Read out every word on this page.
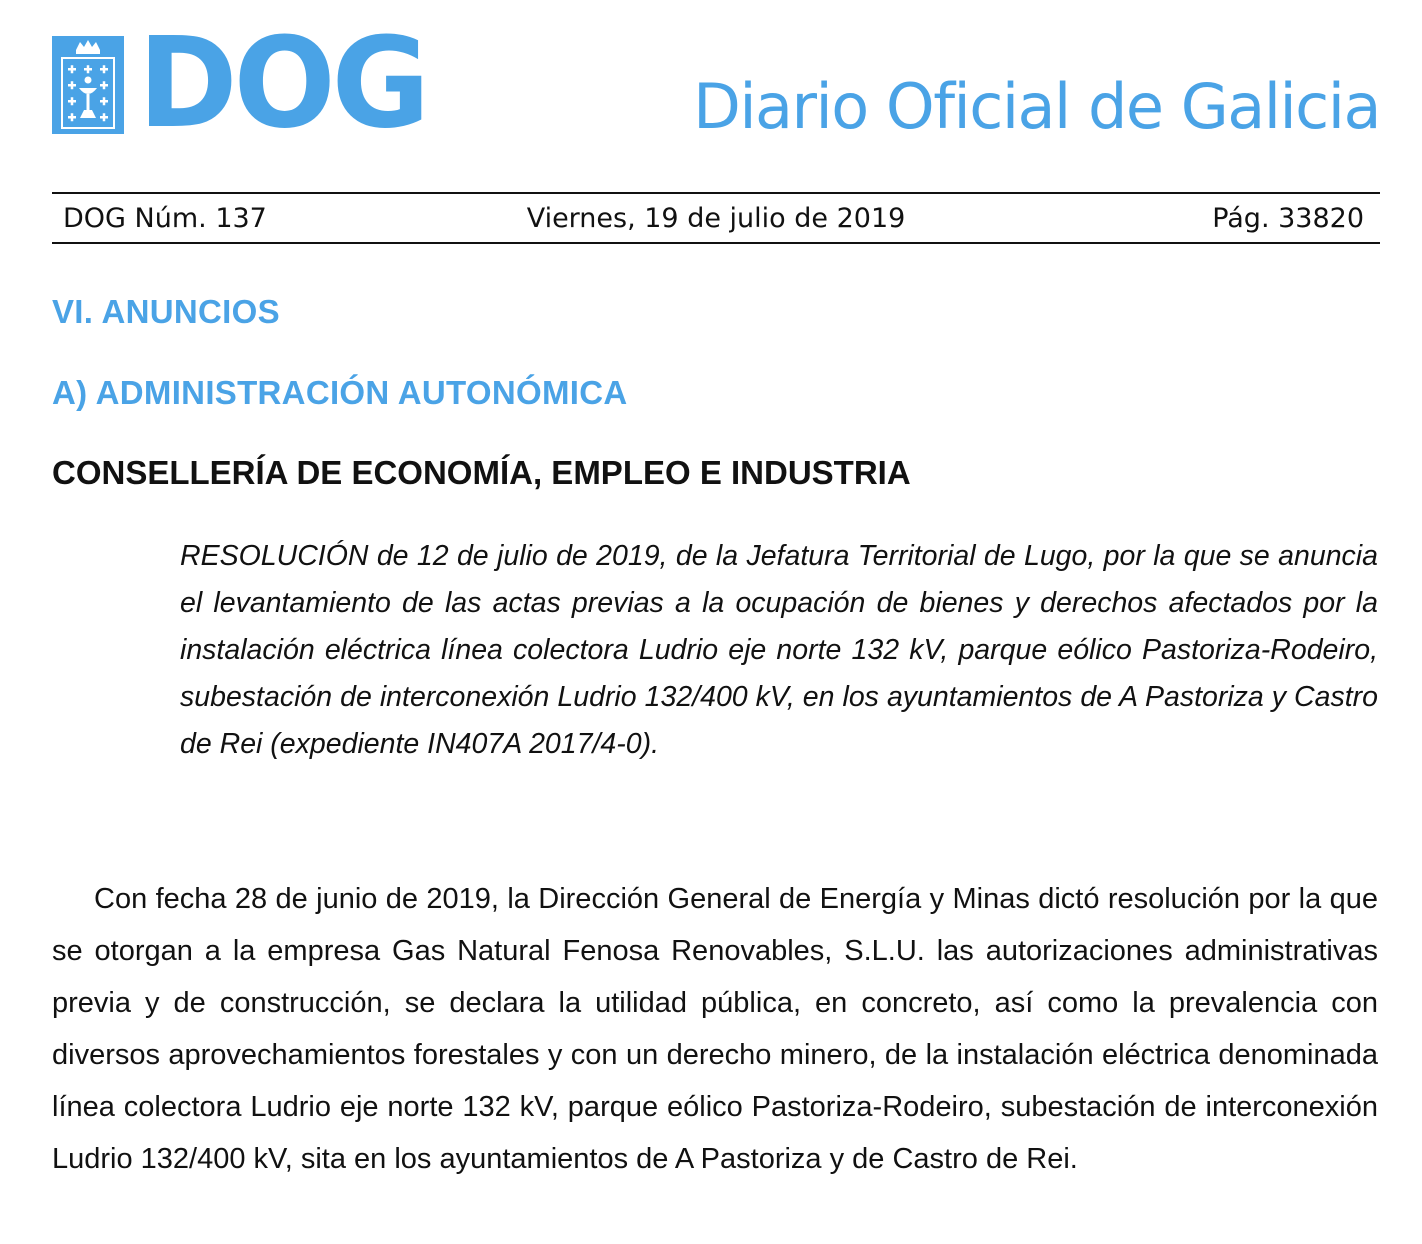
DOG	Diario Oficial de Galicia
DOG Núm. 137	Viernes, 19 de julio de 2019	Pág. 33820
VI. ANUNCIOS
A) ADMINISTRACIÓN AUTONÓMICA
CONSELLERÍA DE ECONOMÍA, EMPLEO E INDUSTRIA

RESOLUCIÓN de 12 de julio de 2019, de la Jefatura Territorial de Lugo, por la que se anuncia el levantamiento de las actas previas a la ocupación de bienes y derechos afectados por la instalación eléctrica línea colectora Ludrio eje norte 132 kV, parque eólico Pastoriza-Rodeiro, subestación de interconexión Ludrio 132/400 kV, en los ayuntamientos de A Pastoriza y Castro de Rei (expediente IN407A 2017/4-0).

Con fecha 28 de junio de 2019, la Dirección General de Energía y Minas dictó resolución por la que se otorgan a la empresa Gas Natural Fenosa Renovables, S.L.U. las autorizaciones administrativas previa y de construcción, se declara la utilidad pública, en concreto, así como la prevalencia con diversos aprovechamientos forestales y con un derecho minero, de la instalación eléctrica denominada línea colectora Ludrio eje norte 132 kV, parque eólico Pastoriza-Rodeiro, subestación de interconexión Ludrio 132/400 kV, sita en los ayuntamientos de A Pastoriza y de Castro de Rei.
